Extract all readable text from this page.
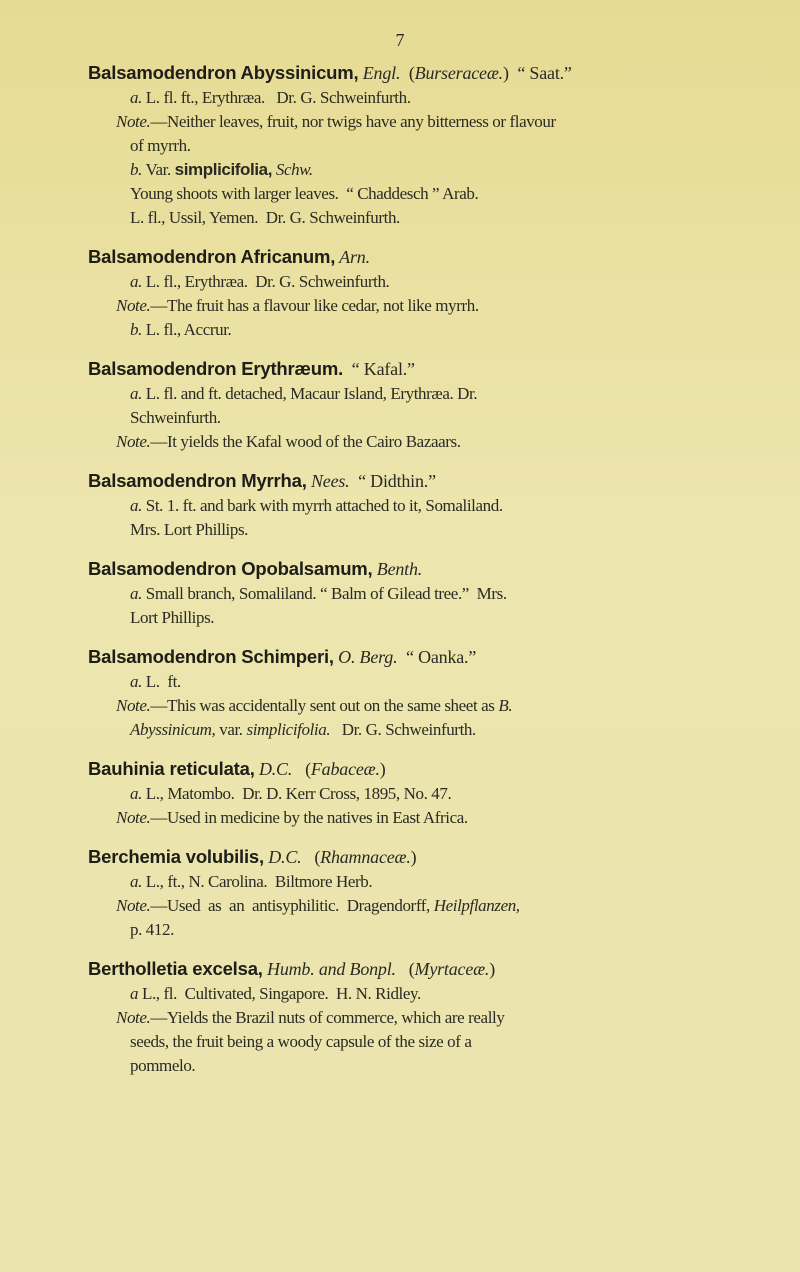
7
Balsamodendron Abyssinicum, Engl.  (Burseraceæ.)  “ Saat.”
a. L. fl. ft., Erythræa.   Dr. G. Schweinfurth.
Note.—Neither leaves, fruit, nor twigs have any bitterness or flavour
of myrrh.
b. Var. simplicifolia, Schw.
Young shoots with larger leaves.  “ Chaddesch ” Arab.
L. fl., Ussil, Yemen.  Dr. G. Schweinfurth.
Balsamodendron Africanum, Arn.
a. L. fl., Erythræa.  Dr. G. Schweinfurth.
Note.—The fruit has a flavour like cedar, not like myrrh.
b. L. fl., Accrur.
Balsamodendron Erythræum.  “ Kafal.”
a. L. fl. and ft. detached, Macaur Island, Erythræa. Dr.
Schweinfurth.
Note.—It yields the Kafal wood of the Cairo Bazaars.
Balsamodendron Myrrha, Nees.  “ Didthin.”
a. St. 1. ft. and bark with myrrh attached to it, Somaliland.
Mrs. Lort Phillips.
Balsamodendron Opobalsamum, Benth.
a. Small branch, Somaliland. “ Balm of Gilead tree.”  Mrs.
Lort Phillips.
Balsamodendron Schimperi, O. Berg.  “ Oanka.”
a. L.  ft.
Note.—This was accidentally sent out on the same sheet as B.
Abyssinicum, var. simplicifolia.   Dr. G. Schweinfurth.
Bauhinia reticulata, D.C.   (Fabaceæ.)
a. L., Matombo.  Dr. D. Kerr Cross, 1895, No. 47.
Note.—Used in medicine by the natives in East Africa.
Berchemia volubilis, D.C.   (Rhamnaceæ.)
a. L., ft., N. Carolina.  Biltmore Herb.
Note.—Used  as  an  antisyphilitic.  Dragendorff, Heilpflanzen,
p. 412.
Bertholletia excelsa, Humb. and Bonpl.   (Myrtaceæ.)
a L., fl.  Cultivated, Singapore.  H. N. Ridley.
Note.—Yields the Brazil nuts of commerce, which are really
seeds, the fruit being a woody capsule of the size of a
pommelo.
